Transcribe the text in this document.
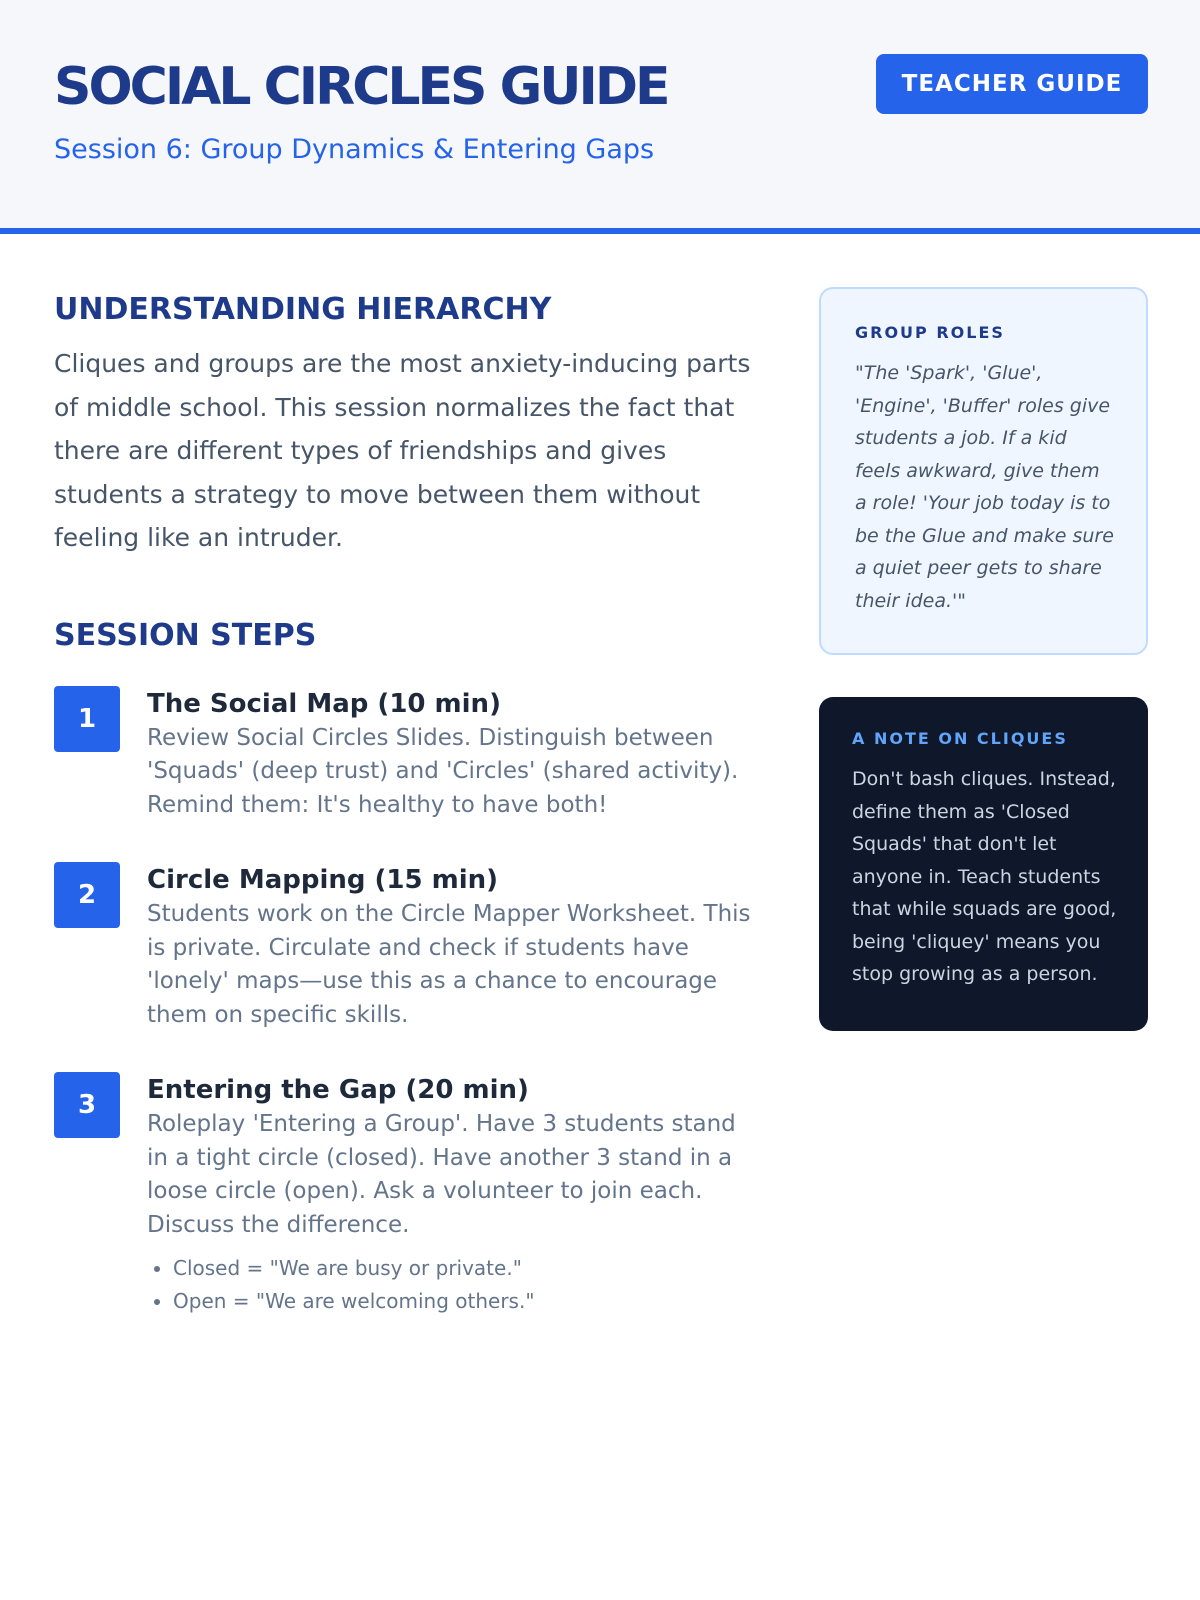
SOCIAL CIRCLES GUIDE

Session 6: Group Dynamics & Entering Gaps

TEACHER GUIDE
UNDERSTANDING HIERARCHY

Cliques and groups are the most anxiety-inducing parts of middle school. This session normalizes the fact that there are different types of friendships and gives students a strategy to move between them without feeling like an intruder.

SESSION STEPS
1	The Social Map (10 min)

Review Social Circles Slides. Distinguish between 'Squads' (deep trust) and 'Circles' (shared activity). Remind them: It's healthy to have both!

2	Circle Mapping (15 min)

Students work on the Circle Mapper Worksheet. This is private. Circulate and check if students have 'lonely' maps—use this as a chance to encourage them on specific skills.

3	Entering the Gap (20 min)

Roleplay 'Entering a Group'. Have 3 students stand in a tight circle (closed). Have another 3 stand in a loose circle (open). Ask a volunteer to join each. Discuss the difference.

• Closed = "We are busy or private."
• Open = "We are welcoming others."

GROUP ROLES

"The 'Spark', 'Glue', 'Engine', 'Buffer' roles give students a job. If a kid feels awkward, give them a role! 'Your job today is to be the Glue and make sure a quiet peer gets to share their idea.'"

A NOTE ON CLIQUES

Don't bash cliques. Instead, define them as 'Closed Squads' that don't let anyone in. Teach students that while squads are good, being 'cliquey' means you stop growing as a person.
